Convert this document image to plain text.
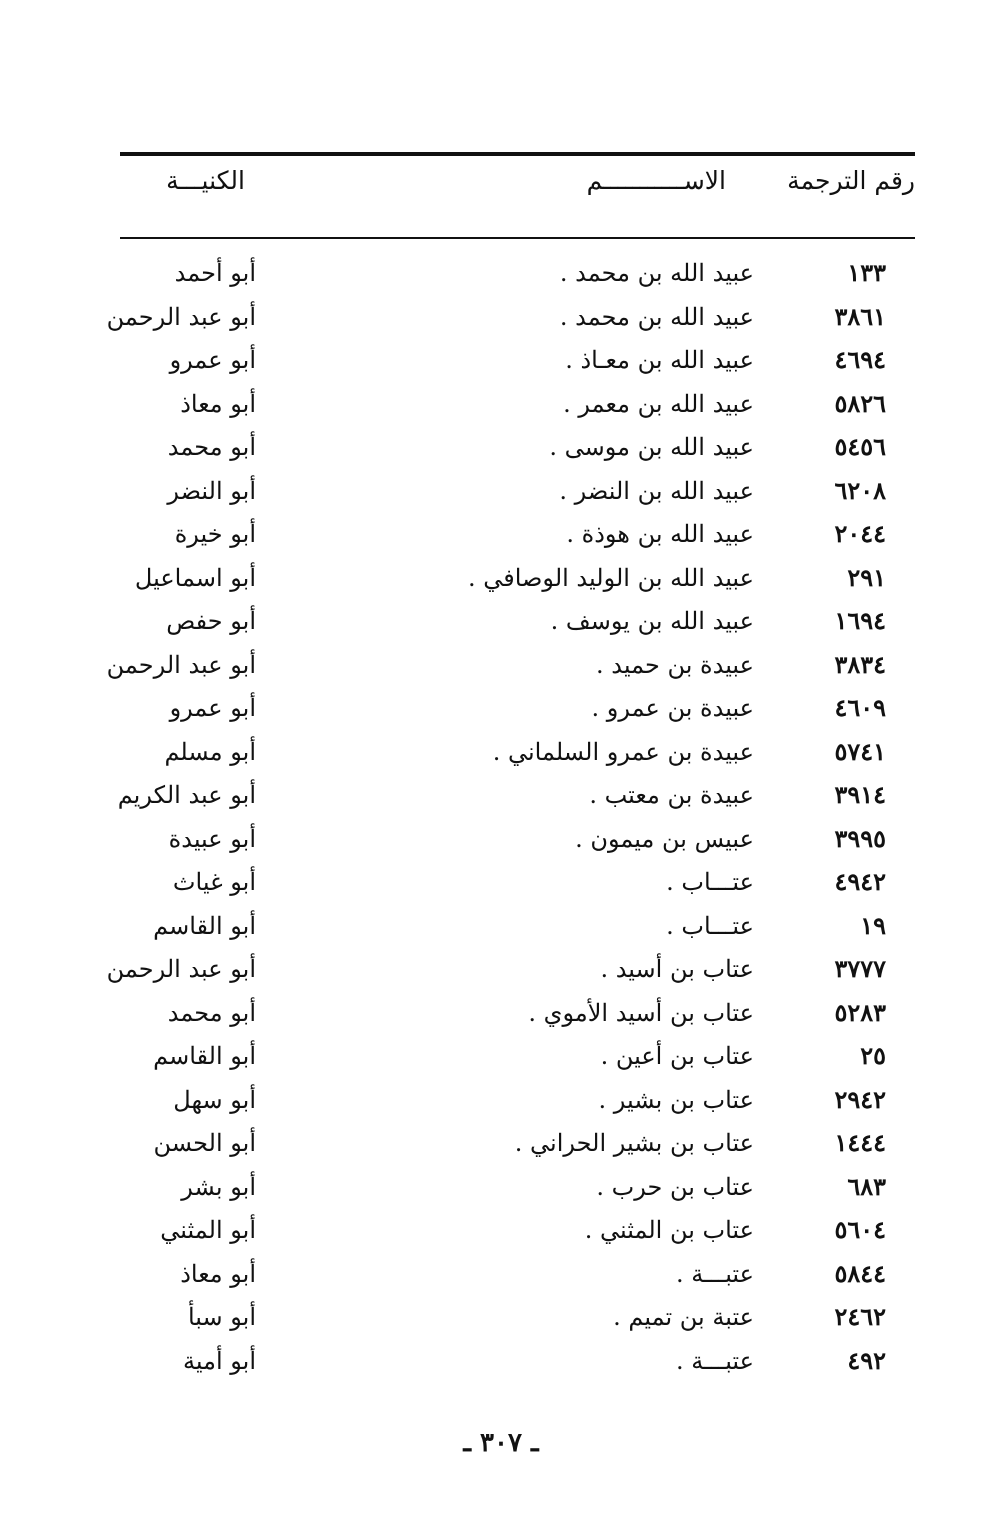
رقم الترجمة
الاســـــــــــم
الكنيـــة
١٣٣
عبيد الله بن محمد .
أبو أحمد
٣٨٦١
عبيد الله بن محمد .
أبو عبد الرحمن
٤٦٩٤
عبيد الله بن معـاذ .
أبو عمرو
٥٨٢٦
عبيد الله بن معمر .
أبو معاذ
٥٤٥٦
عبيد الله بن موسى .
أبو محمد
٦٢٠٨
عبيد الله بن النضر .
أبو النضر
٢٠٤٤
عبيد الله بن هوذة .
أبو خيرة
٢٩١
عبيد الله بن الوليد الوصافي .
أبو اسماعيل
١٦٩٤
عبيد الله بن يوسف .
أبو حفص
٣٨٣٤
عبيدة بن حميد .
أبو عبد الرحمن
٤٦٠٩
عبيدة بن عمرو .
أبو عمرو
٥٧٤١
عبيدة بن عمرو السلماني .
أبو مسلم
٣٩١٤
عبيدة بن معتب .
أبو عبد الكريم
٣٩٩٥
عبيس بن ميمون .
أبو عبيدة
٤٩٤٢
عتـــاب .
أبو غياث
١٩
عتـــاب .
أبو القاسم
٣٧٧٧
عتاب بن أسيد .
أبو عبد الرحمن
٥٢٨٣
عتاب بن أسيد الأموي .
أبو محمد
٢٥
عتاب بن أعين .
أبو القاسم
٢٩٤٢
عتاب بن بشير .
أبو سهل
١٤٤٤
عتاب بن بشير الحراني .
أبو الحسن
٦٨٣
عتاب بن حرب .
أبو بشر
٥٦٠٤
عتاب بن المثني .
أبو المثني
٥٨٤٤
عتبـــة .
أبو معاذ
٢٤٦٢
عتبة بن تميم .
أبو سبأ
٤٩٢
عتبـــة .
أبو أمية
ـ ٣٠٧ ـ
